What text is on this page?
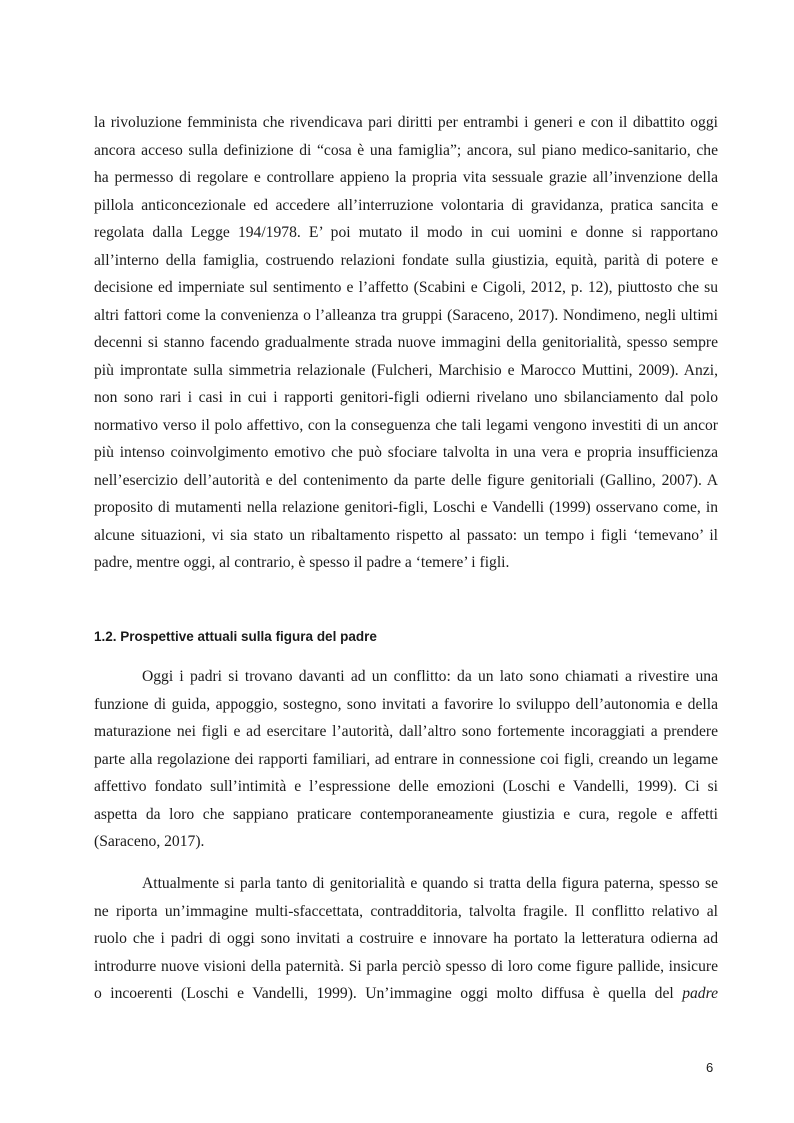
la rivoluzione femminista che rivendicava pari diritti per entrambi i generi e con il dibattito oggi
ancora acceso sulla definizione di “cosa è una famiglia”; ancora, sul piano medico-sanitario, che
ha permesso di regolare e controllare appieno la propria vita sessuale grazie all’invenzione della
pillola anticoncezionale ed accedere all’interruzione volontaria di gravidanza, pratica sancita e
regolata dalla Legge 194/1978. E’ poi mutato il modo in cui uomini e donne si rapportano
all’interno della famiglia, costruendo relazioni fondate sulla giustizia, equità, parità di potere e
decisione ed imperniate sul sentimento e l’affetto (Scabini e Cigoli, 2012, p. 12), piuttosto che su
altri fattori come la convenienza o l’alleanza tra gruppi (Saraceno, 2017). Nondimeno, negli ultimi
decenni si stanno facendo gradualmente strada nuove immagini della genitorialità, spesso sempre
più improntate sulla simmetria relazionale (Fulcheri, Marchisio e Marocco Muttini, 2009). Anzi,
non sono rari i casi in cui i rapporti genitori-figli odierni rivelano uno sbilanciamento dal polo
normativo verso il polo affettivo, con la conseguenza che tali legami vengono investiti di un ancor
più intenso coinvolgimento emotivo che può sfociare talvolta in una vera e propria insufficienza
nell’esercizio dell’autorità e del contenimento da parte delle figure genitoriali (Gallino, 2007). A
proposito di mutamenti nella relazione genitori-figli, Loschi e Vandelli (1999) osservano come, in
alcune situazioni, vi sia stato un ribaltamento rispetto al passato: un tempo i figli ‘temevano’ il
padre, mentre oggi, al contrario, è spesso il padre a ‘temere’ i figli.
1.2. Prospettive attuali sulla figura del padre
Oggi i padri si trovano davanti ad un conflitto: da un lato sono chiamati a rivestire una
funzione di guida, appoggio, sostegno, sono invitati a favorire lo sviluppo dell’autonomia e della
maturazione nei figli e ad esercitare l’autorità, dall’altro sono fortemente incoraggiati a prendere
parte alla regolazione dei rapporti familiari, ad entrare in connessione coi figli, creando un legame
affettivo fondato sull’intimità e l’espressione delle emozioni (Loschi e Vandelli, 1999). Ci si
aspetta da loro che sappiano praticare contemporaneamente giustizia e cura, regole e affetti
(Saraceno, 2017).
Attualmente si parla tanto di genitorialità e quando si tratta della figura paterna, spesso se
ne riporta un’immagine multi-sfaccettata, contradditoria, talvolta fragile. Il conflitto relativo al
ruolo che i padri di oggi sono invitati a costruire e innovare ha portato la letteratura odierna ad
introdurre nuove visioni della paternità. Si parla perciò spesso di loro come figure pallide, insicure
o incoerenti (Loschi e Vandelli, 1999). Un’immagine oggi molto diffusa è quella del padre
6
